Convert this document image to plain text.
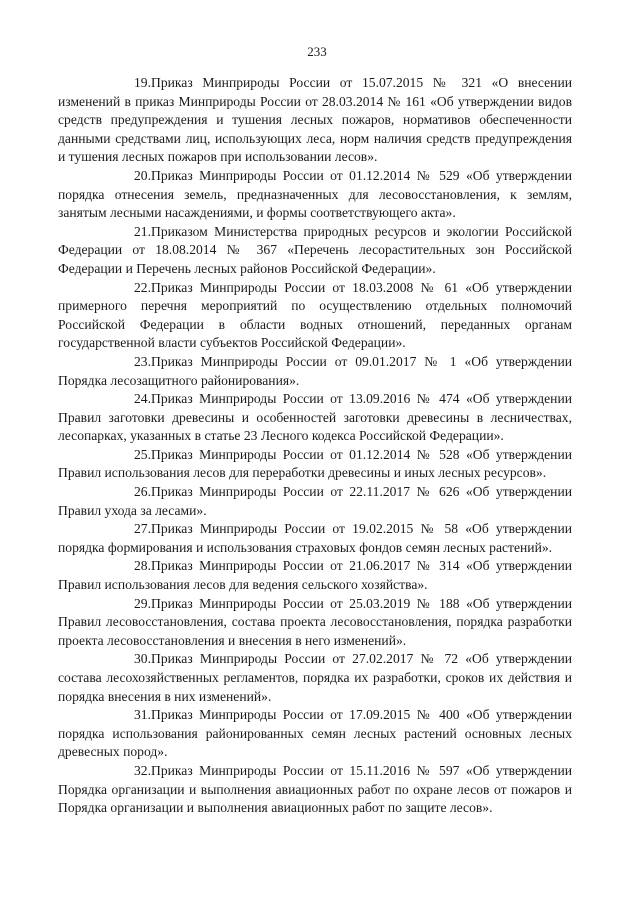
233

19.Приказ Минприроды России от 15.07.2015 № 321 «О внесении изменений в приказ Минприроды России от 28.03.2014 № 161 «Об утверждении видов средств предупреждения и тушения лесных пожаров, нормативов обеспеченности данными средствами лиц, использующих леса, норм наличия средств предупреждения и тушения лесных пожаров при использовании лесов».

20.Приказ Минприроды России от 01.12.2014 № 529 «Об утверждении порядка отнесения земель, предназначенных для лесовосстановления, к землям, занятым лесными насаждениями, и формы соответствующего акта».

21.Приказом Министерства природных ресурсов и экологии Российской Федерации от 18.08.2014 № 367 «Перечень лесорастительных зон Российской Федерации и Перечень лесных районов Российской Федерации».

22.Приказ Минприроды России от 18.03.2008 № 61 «Об утверждении примерного перечня мероприятий по осуществлению отдельных полномочий Российской Федерации в области водных отношений, переданных органам государственной власти субъектов Российской Федерации».

23.Приказ Минприроды России от 09.01.2017 № 1 «Об утверждении Порядка лесозащитного районирования».

24.Приказ Минприроды России от 13.09.2016 № 474 «Об утверждении Правил заготовки древесины и особенностей заготовки древесины в лесничествах, лесопарках, указанных в статье 23 Лесного кодекса Российской Федерации».

25.Приказ Минприроды России от 01.12.2014 № 528 «Об утверждении Правил использования лесов для переработки древесины и иных лесных ресурсов».

26.Приказ Минприроды России от 22.11.2017 № 626 «Об утверждении Правил ухода за лесами».

27.Приказ Минприроды России от 19.02.2015 № 58 «Об утверждении порядка формирования и использования страховых фондов семян лесных растений».

28.Приказ Минприроды России от 21.06.2017 № 314 «Об утверждении Правил использования лесов для ведения сельского хозяйства».

29.Приказ Минприроды России от 25.03.2019 № 188 «Об утверждении Правил лесовосстановления, состава проекта лесовосстановления, порядка разработки проекта лесовосстановления и внесения в него изменений».

30.Приказ Минприроды России от 27.02.2017 № 72 «Об утверждении состава лесохозяйственных регламентов, порядка их разработки, сроков их действия и порядка внесения в них изменений».

31.Приказ Минприроды России от 17.09.2015 № 400 «Об утверждении порядка использования районированных семян лесных растений основных лесных древесных пород».

32.Приказ Минприроды России от 15.11.2016 № 597 «Об утверждении Порядка организации и выполнения авиационных работ по охране лесов от пожаров и Порядка организации и выполнения авиационных работ по защите лесов».
